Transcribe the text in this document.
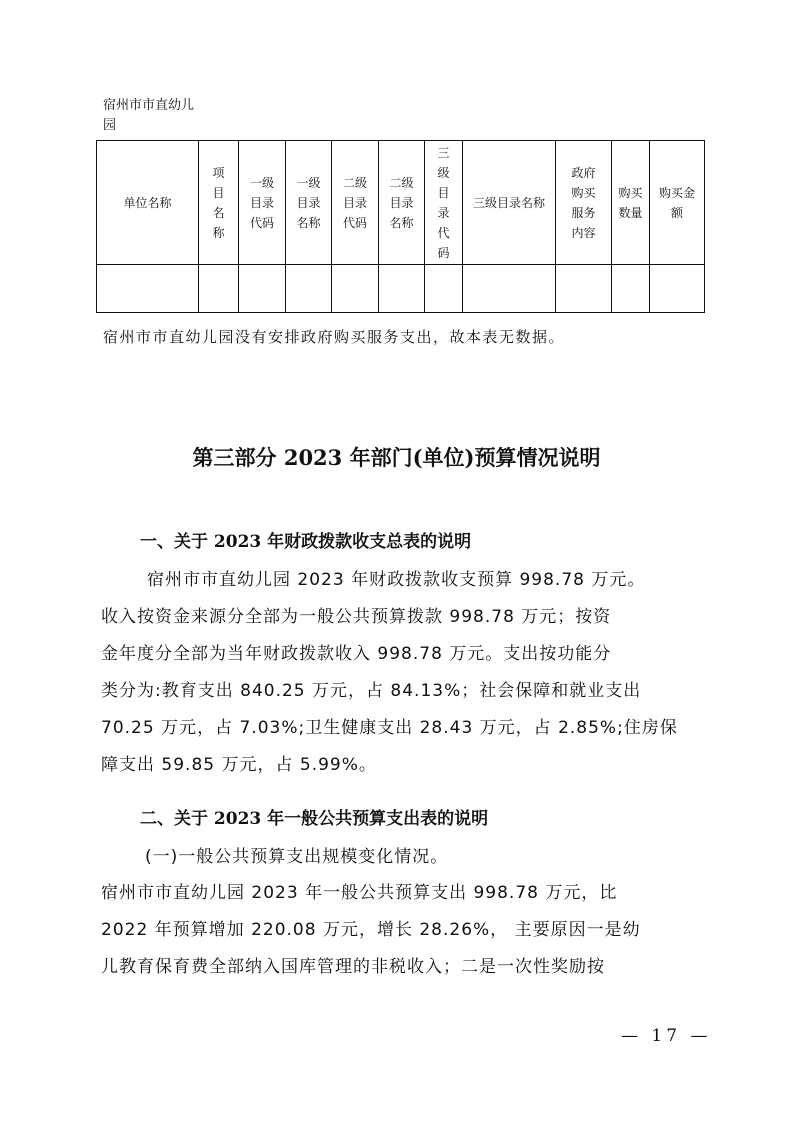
宿州市市直幼儿园
单位名称	项目名称	一级目录代码	一级目录名称	二级目录代码	二级目录名称	三级目录代码	三级目录名称	政府购买服务内容	购买数量	购买金额

宿州市市直幼儿园没有安排政府购买服务支出，故本表无数据。
第三部分 2023 年部门(单位)预算情况说明
一、关于 2023 年财政拨款收支总表的说明

宿州市市直幼儿园 2023 年财政拨款收支预算 998.78 万元。

收入按资金来源分全部为一般公共预算拨款 998.78 万元；按资

金年度分全部为当年财政拨款收入 998.78 万元。支出按功能分

类分为:教育支出 840.25 万元，占 84.13%；社会保障和就业支出

70.25 万元，占 7.03%;卫生健康支出 28.43 万元，占 2.85%;住房保

障支出 59.85 万元，占 5.99%。

二、关于 2023 年一般公共预算支出表的说明
(一)一般公共预算支出规模变化情况。

宿州市市直幼儿园 2023 年一般公共预算支出 998.78 万元，比

2022 年预算增加 220.08 万元，增长 28.26%， 主要原因一是幼

儿教育保育费全部纳入国库管理的非税收入；二是一次性奖励按

— 17 —
